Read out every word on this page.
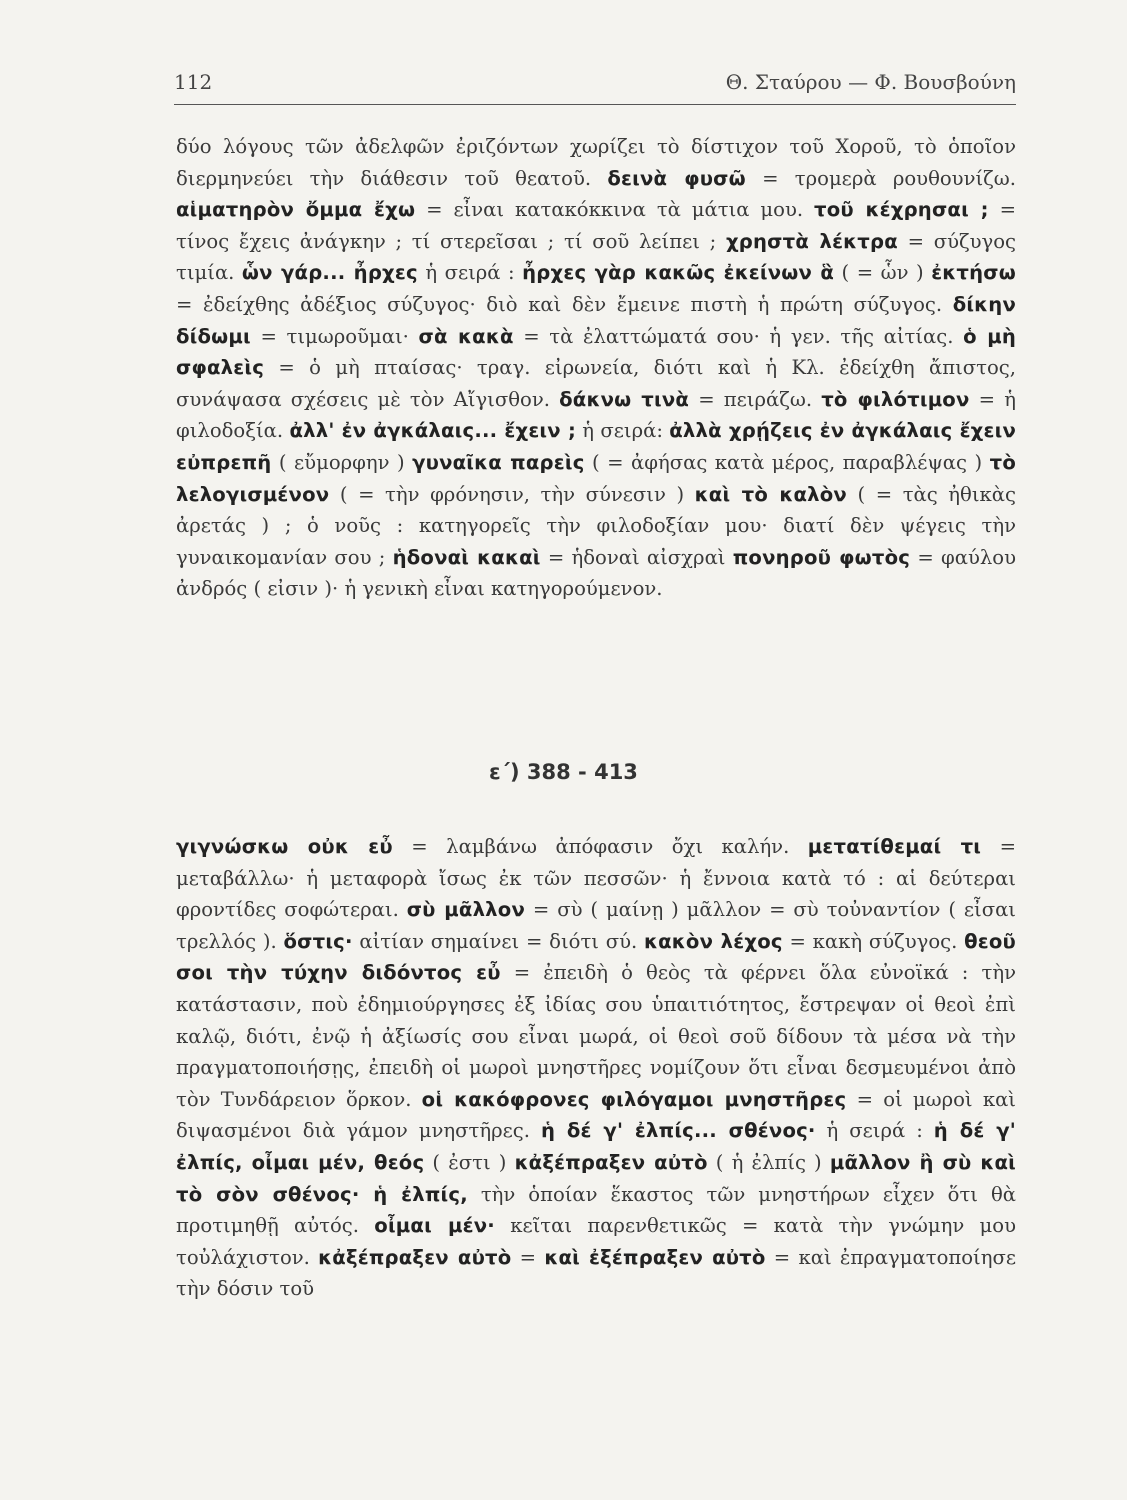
112	Θ. Σταύρου — Φ. Βουσβούνη

δύο λόγους τῶν ἀδελφῶν ἐριζόντων χωρίζει τὸ δίστιχον τοῦ Χοροῦ, τὸ ὁποῖον διερμηνεύει τὴν διάθεσιν τοῦ θεατοῦ. δεινὰ φυσῶ = τρομερὰ ρουθουνίζω. αἱματηρὸν ὄμμα ἔχω = εἶναι κατακόκκινα τὰ μάτια μου. τοῦ κέχρησαι ; = τίνος ἔχεις ἀνάγκην ; τί στερεῖσαι ; τί σοῦ λείπει ; χρηστὰ λέκτρα = σύζυγος τιμία. ὧν γάρ... ἦρχες ἡ σειρά : ἦρχες γὰρ κακῶς ἐκείνων ἃ ( = ὧν ) ἐκτήσω = ἐδείχθης ἀδέξιος σύζυγος· διὸ καὶ δὲν ἔμεινε πιστὴ ἡ πρώτη σύζυγος. δίκην δίδωμι = τιμωροῦμαι· σὰ κακὰ = τὰ ἐλαττώματά σου· ἡ γεν. τῆς αἰτίας. ὁ μὴ σφαλεὶς = ὁ μὴ πταίσας· τραγ. εἰρωνεία, διότι καὶ ἡ Κλ. ἐδείχθη ἄπιστος, συνάψασα σχέσεις μὲ τὸν Αἴγισθον. δάκνω τινὰ = πειράζω. τὸ φιλότιμον = ἡ φιλοδοξία. ἀλλ' ἐν ἀγκάλαις... ἔχειν ; ἡ σειρά: ἀλλὰ χρῄζεις ἐν ἀγκάλαις ἔχειν εὐπρεπῆ ( εὔμορφην ) γυναῖκα παρεὶς ( = ἀφήσας κατὰ μέρος, παραβλέψας ) τὸ λελογισμένον ( = τὴν φρόνησιν, τὴν σύνεσιν ) καὶ τὸ καλὸν ( = τὰς ἠθικὰς ἀρετάς ) ; ὁ νοῦς : κατηγορεῖς τὴν φιλοδοξίαν μου· διατί δὲν ψέγεις τὴν γυναικομανίαν σου ; ἡδοναὶ κακαὶ = ἡδοναὶ αἰσχραὶ πονηροῦ φωτὸς = φαύλου ἀνδρός ( εἰσιν )· ἡ γενικὴ εἶναι κατηγορούμενον.

ε΄) 388 - 413

γιγνώσκω οὐκ εὖ = λαμβάνω ἀπόφασιν ὄχι καλήν. μετατίθεμαί τι = μεταβάλλω· ἡ μεταφορὰ ἴσως ἐκ τῶν πεσσῶν· ἡ ἔννοια κατὰ τό : αἱ δεύτεραι φροντίδες σοφώτεραι. σὺ μᾶλλον = σὺ ( μαίνῃ ) μᾶλλον = σὺ τοὐναντίον ( εἶσαι τρελλός ). ὅστις· αἰτίαν σημαίνει = διότι σύ. κακὸν λέχος = κακὴ σύζυγος. θεοῦ σοι τὴν τύχην διδόντος εὖ = ἐπειδὴ ὁ θεὸς τὰ φέρνει ὅλα εὐνοϊκά : τὴν κατάστασιν, ποὺ ἐδημιούργησες ἐξ ἰδίας σου ὑπαιτιότητος, ἔστρεψαν οἱ θεοὶ ἐπὶ καλῷ, διότι, ἐνῷ ἡ ἀξίωσίς σου εἶναι μωρά, οἱ θεοὶ σοῦ δίδουν τὰ μέσα νὰ τὴν πραγματοποιήσῃς, ἐπειδὴ οἱ μωροὶ μνηστῆρες νομίζουν ὅτι εἶναι δεσμευμένοι ἀπὸ τὸν Τυνδάρειον ὅρκον. οἱ κακόφρονες φιλόγαμοι μνηστῆρες = οἱ μωροὶ καὶ διψασμένοι διὰ γάμον μνηστῆρες. ἡ δέ γ' ἐλπίς... σθένος· ἡ σειρά : ἡ δέ γ' ἐλπίς, οἶμαι μέν, θεός ( ἐστι ) κἀξέπραξεν αὐτὸ ( ἡ ἐλπίς ) μᾶλλον ἢ σὺ καὶ τὸ σὸν σθένος· ἡ ἐλπίς, τὴν ὁποίαν ἕκαστος τῶν μνηστήρων εἶχεν ὅτι θὰ προτιμηθῇ αὐτός. οἶμαι μέν· κεῖται παρενθετικῶς = κατὰ τὴν γνώμην μου τοὐλάχιστον. κἀξέπραξεν αὐτὸ = καὶ ἐξέπραξεν αὐτὸ = καὶ ἐπραγματοποίησε τὴν δόσιν τοῦ
